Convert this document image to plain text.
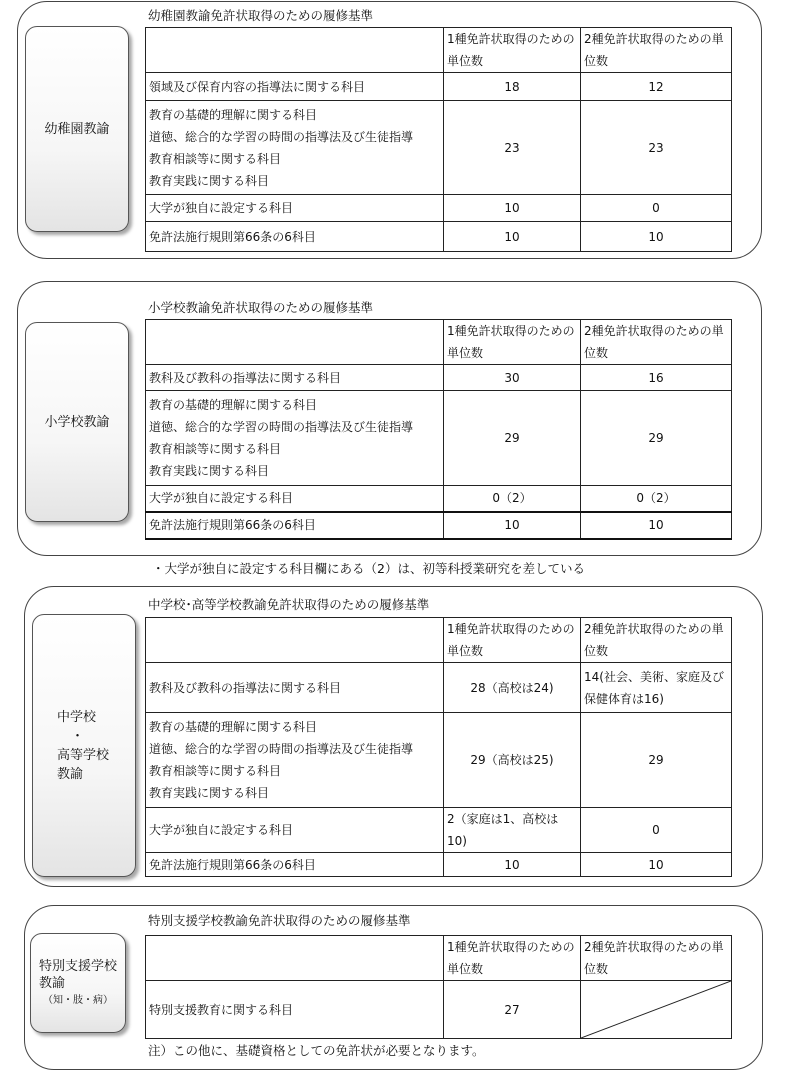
幼稚園教諭
幼稚園教諭免許状取得のための履修基準
	1種免許状取得のための単位数	2種免許状取得のための単位数
領域及び保育内容の指導法に関する科目	18	12

教育の基礎的理解に関する科目
道徳、総合的な学習の時間の指導法及び生徒指導
教育相談等に関する科目
教育実践に関する科目	23	23
大学が独自に設定する科目	10	0
免許法施行規則第66条の6科目	10	10
小学校教諭
小学校教諭免許状取得のための履修基準
	1種免許状取得のための単位数	2種免許状取得のための単位数
教科及び教科の指導法に関する科目	30	16

教育の基礎的理解に関する科目
道徳、総合的な学習の時間の指導法及び生徒指導
教育相談等に関する科目
教育実践に関する科目	29	29
大学が独自に設定する科目	0（2）	0（2）
免許法施行規則第66条の6科目	10	10
・大学が独自に設定する科目欄にある（2）は、初等科授業研究を差している
中学校
・
高等学校
教諭
中学校･高等学校教諭免許状取得のための履修基準
	1種免許状取得のための単位数	2種免許状取得のための単位数
教科及び教科の指導法に関する科目	28（高校は24)	14(社会、美術、家庭及び保健体育は16)

教育の基礎的理解に関する科目
道徳、総合的な学習の時間の指導法及び生徒指導
教育相談等に関する科目
教育実践に関する科目	29（高校は25)	29
大学が独自に設定する科目	2（家庭は1、高校は10)	0
免許法施行規則第66条の6科目	10	10
特別支援学校
教諭
（知・肢・病）
特別支援学校教諭免許状取得のための履修基準
	1種免許状取得のための単位数	2種免許状取得のための単位数
特別支援教育に関する科目	27	
注）この他に、基礎資格としての免許状が必要となります。
